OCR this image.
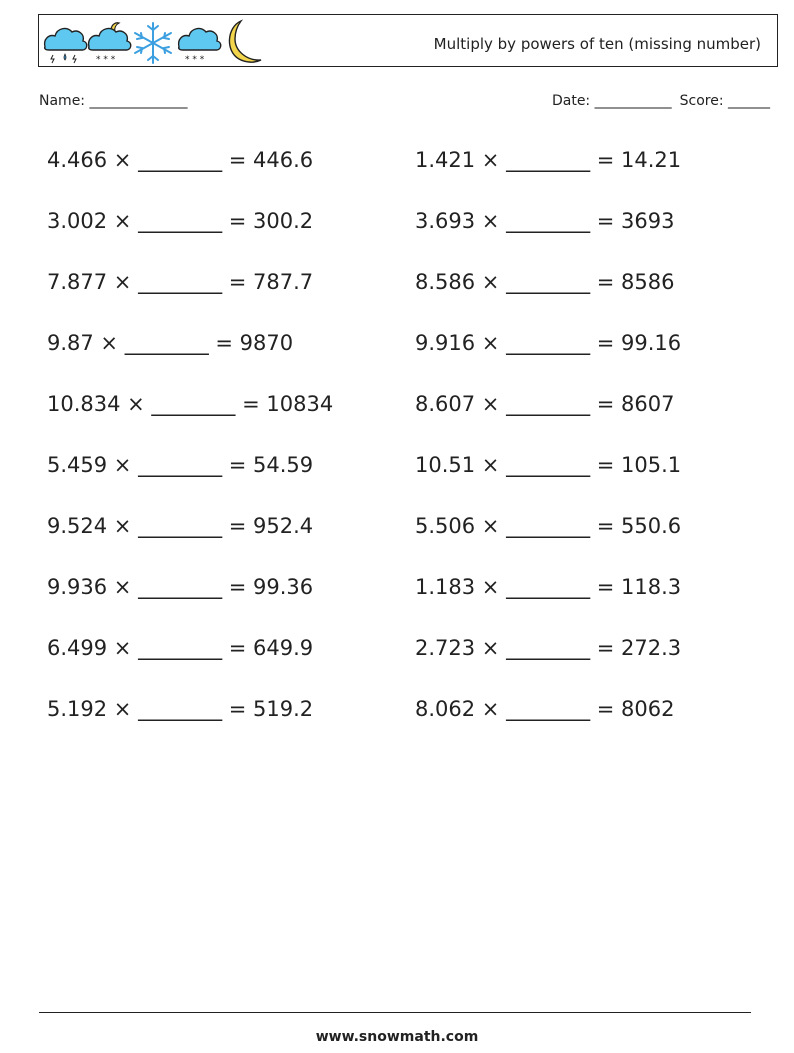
* * *	* * *
Multiply by powers of ten (missing number)
Name: ______________	Date: ___________ Score: ______
4.466 × ________ = 446.6
3.002 × ________ = 300.2
7.877 × ________ = 787.7
9.87 × ________ = 9870
10.834 × ________ = 10834
5.459 × ________ = 54.59
9.524 × ________ = 952.4
9.936 × ________ = 99.36
6.499 × ________ = 649.9
5.192 × ________ = 519.2
1.421 × ________ = 14.21
3.693 × ________ = 3693
8.586 × ________ = 8586
9.916 × ________ = 99.16
8.607 × ________ = 8607
10.51 × ________ = 105.1
5.506 × ________ = 550.6
1.183 × ________ = 118.3
2.723 × ________ = 272.3
8.062 × ________ = 8062
www.snowmath.com
